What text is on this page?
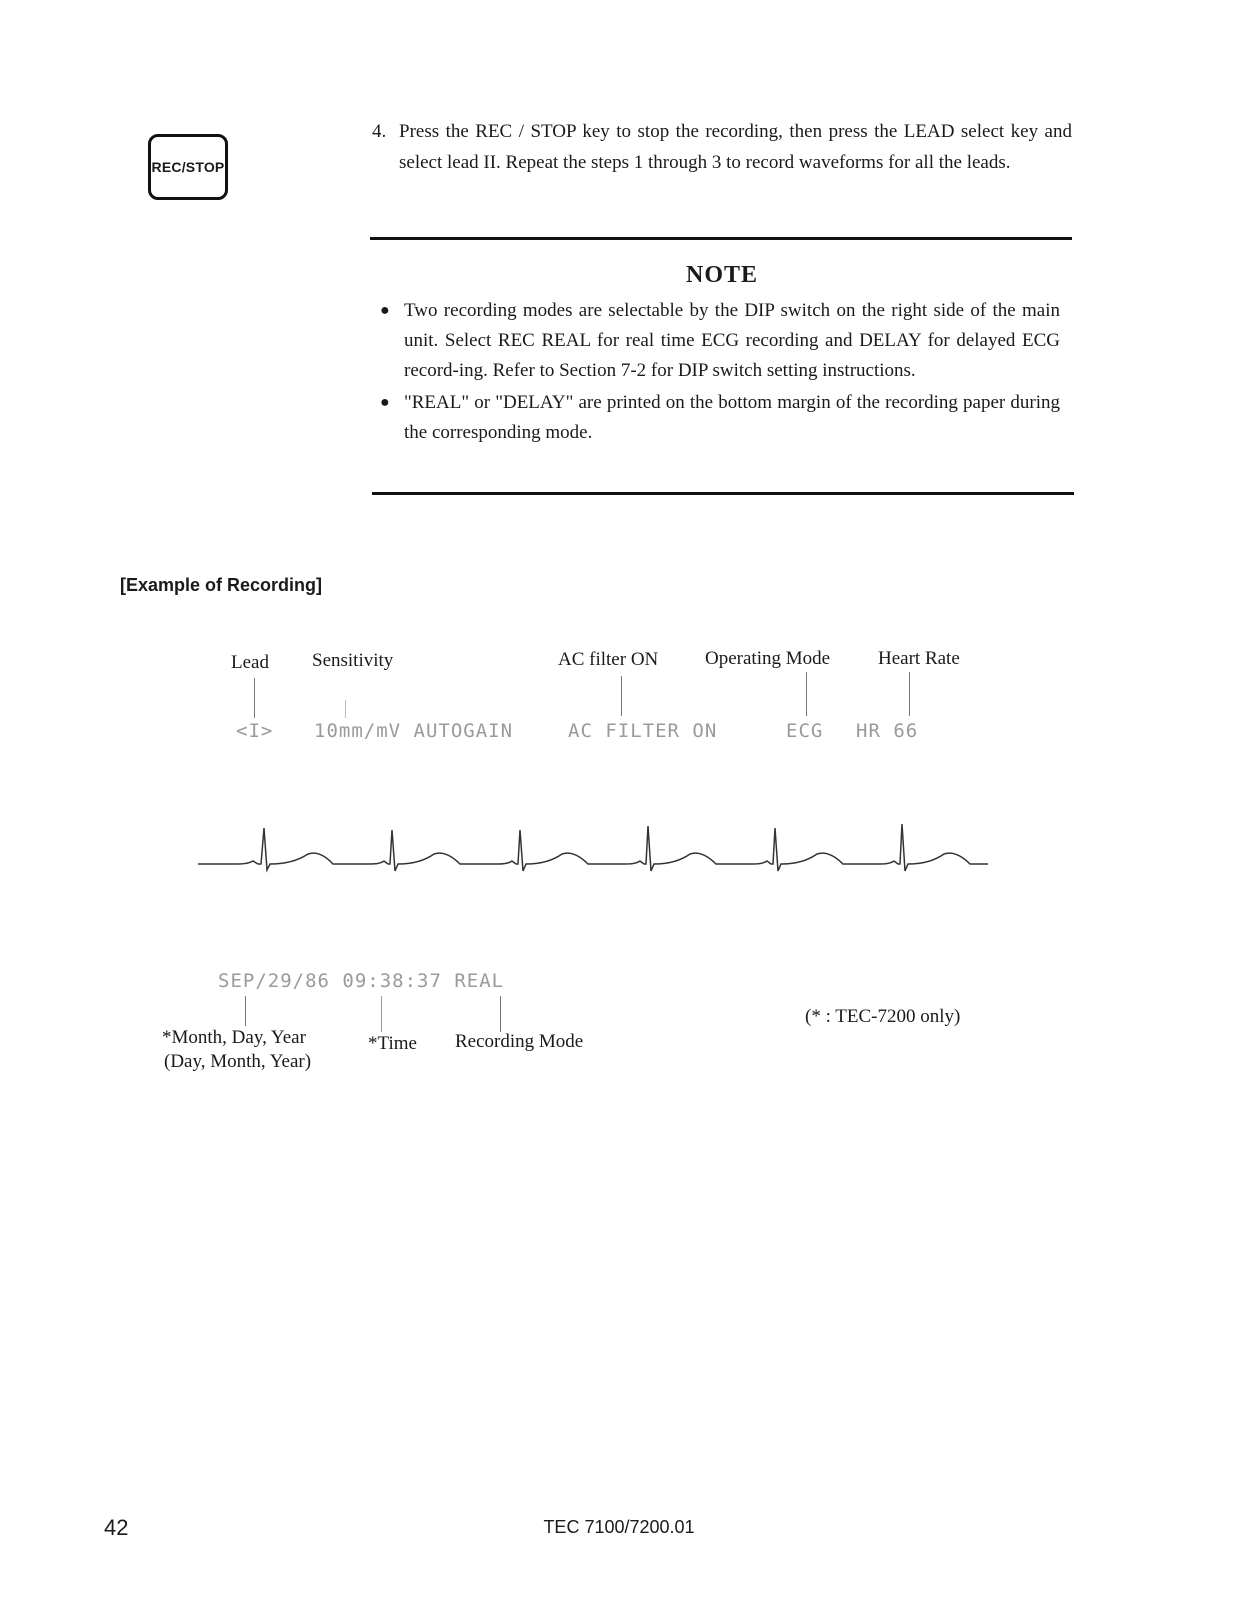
REC/STOP
4. Press the REC / STOP key to stop the recording, then press the LEAD select key and select lead II. Repeat the steps 1 through 3 to record waveforms for all the leads.
NOTE
● Two recording modes are selectable by the DIP switch on the right side of the main unit. Select REC REAL for real time ECG recording and DELAY for delayed ECG record-ing. Refer to Section 7-2 for DIP switch setting instructions.
● "REAL" or "DELAY" are printed on the bottom margin of the recording paper during the corresponding mode.
[Example of Recording]
Lead Sensitivity	AC filter ON Operating Mode	Heart Rate
<I> 10mm/mV AUTOGAIN	AC FILTER ON	ECG HR 66
SEP/29/86 09:38:37 REAL
*Month, Day, Year
(Day, Month, Year)
*Time Recording Mode
(* : TEC-7200 only)
42	TEC 7100/7200.01
